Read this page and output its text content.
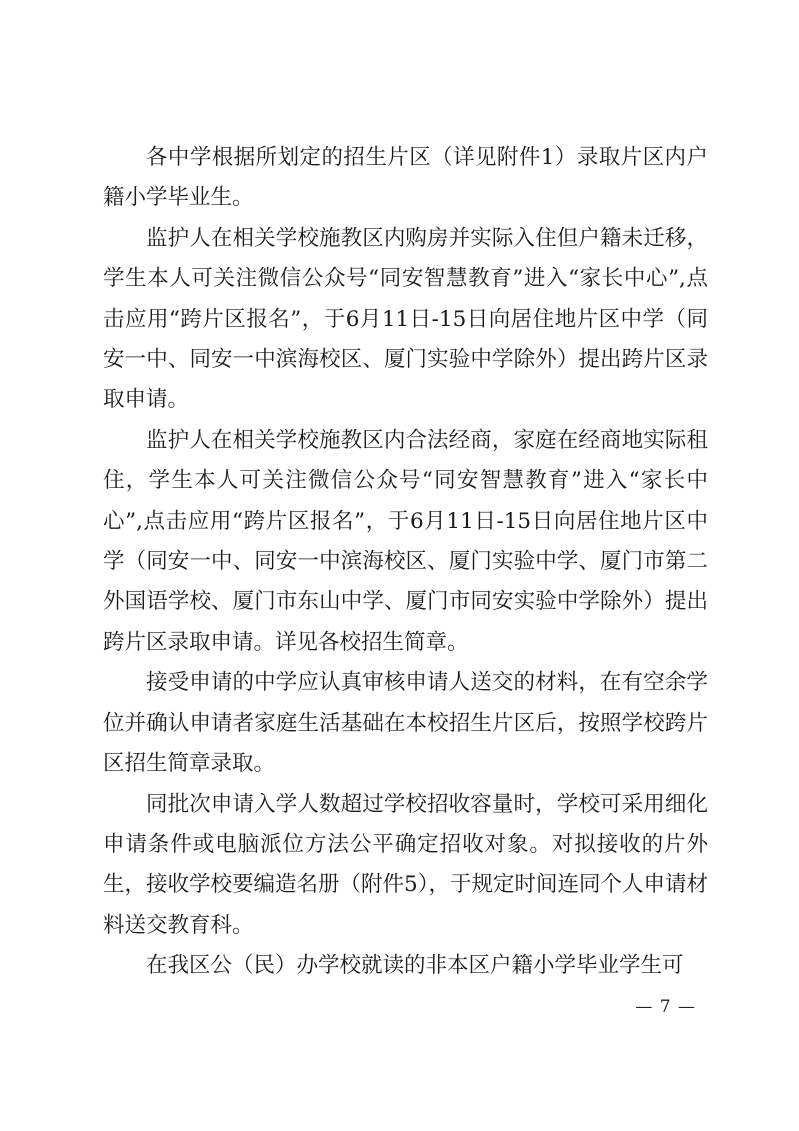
各中学根据所划定的招生片区（详见附件1）录取片区内户籍小学毕业生。

监护人在相关学校施教区内购房并实际入住但户籍未迁移，学生本人可关注微信公众号“同安智慧教育”进入“家长中心”,点击应用“跨片区报名”，于6月11日-15日向居住地片区中学（同安一中、同安一中滨海校区、厦门实验中学除外）提出跨片区录取申请。

监护人在相关学校施教区内合法经商，家庭在经商地实际租住，学生本人可关注微信公众号“同安智慧教育”进入“家长中心”,点击应用“跨片区报名”，于6月11日-15日向居住地片区中学（同安一中、同安一中滨海校区、厦门实验中学、厦门市第二外国语学校、厦门市东山中学、厦门市同安实验中学除外）提出跨片区录取申请。详见各校招生简章。

接受申请的中学应认真审核申请人送交的材料，在有空余学位并确认申请者家庭生活基础在本校招生片区后，按照学校跨片区招生简章录取。

同批次申请入学人数超过学校招收容量时，学校可采用细化申请条件或电脑派位方法公平确定招收对象。对拟接收的片外生，接收学校要编造名册（附件5），于规定时间连同个人申请材料送交教育科。

在我区公（民）办学校就读的非本区户籍小学毕业学生可

— 7 —
